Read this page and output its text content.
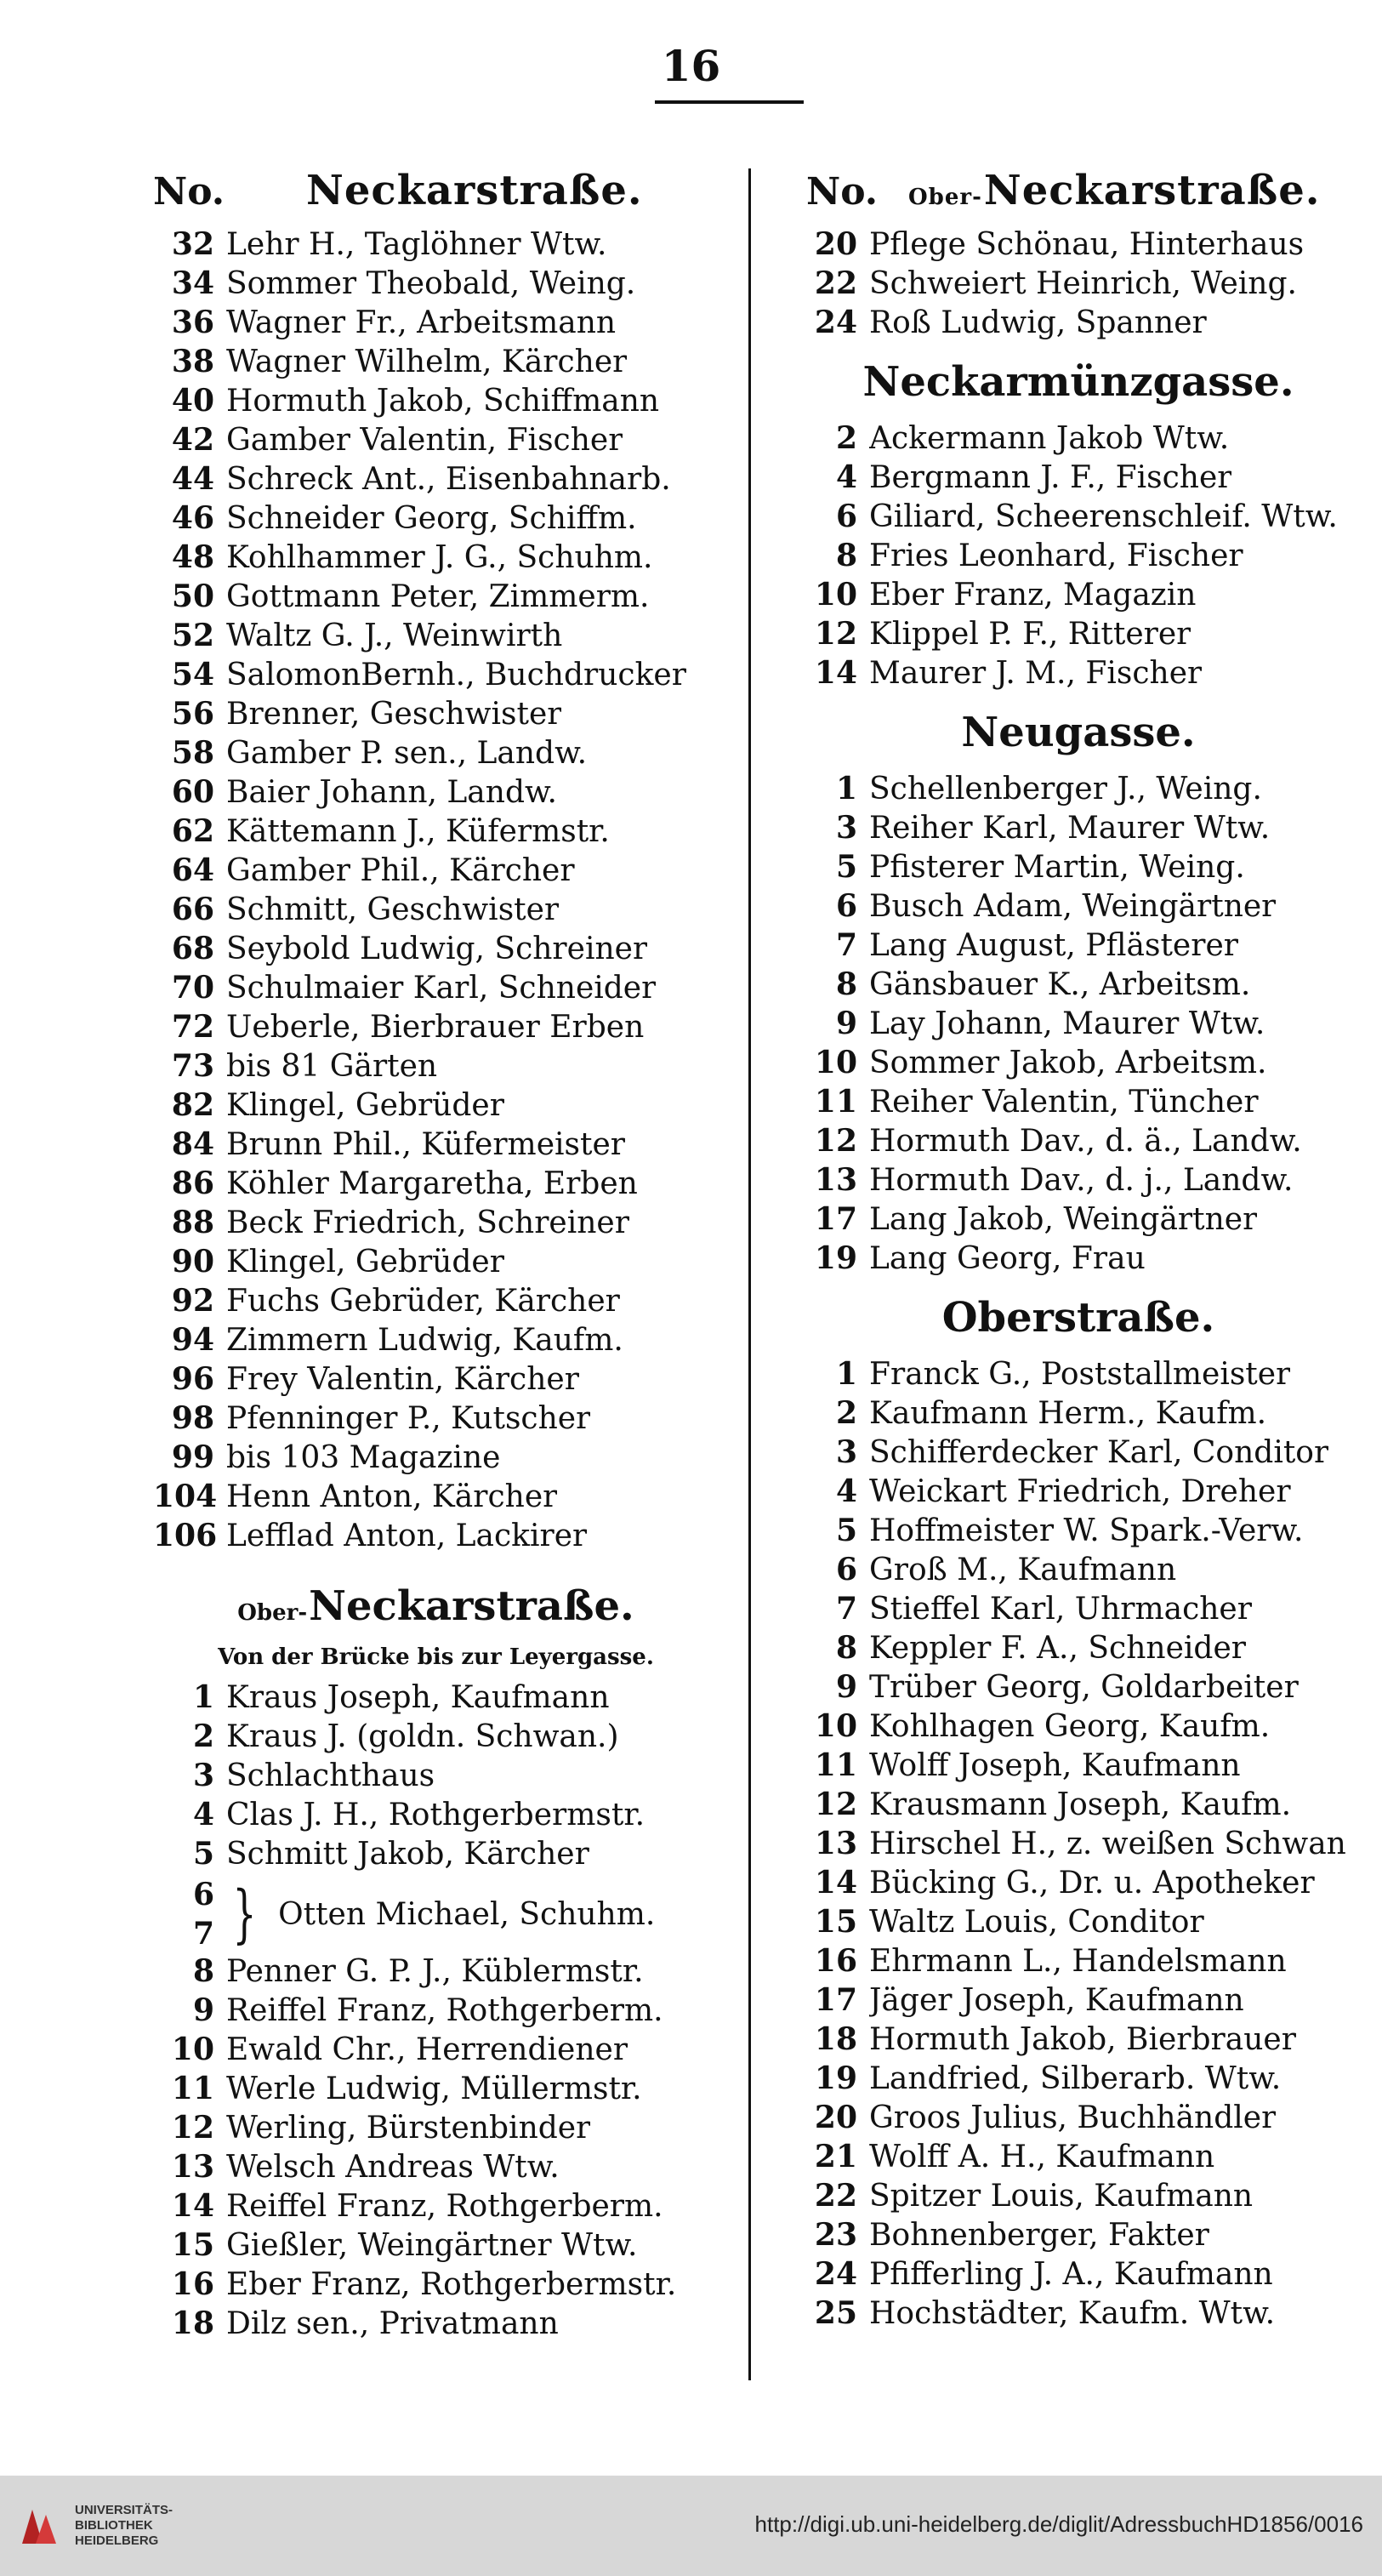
16
No.	Neckarstraße.
32 Lehr H., Taglöhner Wtw.
34 Sommer Theobald, Weing.
36 Wagner Fr., Arbeitsmann
38 Wagner Wilhelm, Kärcher
40 Hormuth Jakob, Schiffmann
42 Gamber Valentin, Fischer
44 Schreck Ant., Eisenbahnarb.
46 Schneider Georg, Schiffm.
48 Kohlhammer J. G., Schuhm.
50 Gottmann Peter, Zimmerm.
52 Waltz G. J., Weinwirth
54 SalomonBernh., Buchdrucker
56 Brenner, Geschwister
58 Gamber P. sen., Landw.
60 Baier Johann, Landw.
62 Kättemann J., Küfermstr.
64 Gamber Phil., Kärcher
66 Schmitt, Geschwister
68 Seybold Ludwig, Schreiner
70 Schulmaier Karl, Schneider
72 Ueberle, Bierbrauer Erben
73 bis 81 Gärten
82 Klingel, Gebrüder
84 Brunn Phil., Küfermeister
86 Köhler Margaretha, Erben
88 Beck Friedrich, Schreiner
90 Klingel, Gebrüder
92 Fuchs Gebrüder, Kärcher
94 Zimmern Ludwig, Kaufm.
96 Frey Valentin, Kärcher
98 Pfenninger P., Kutscher
99 bis 103 Magazine
104 Henn Anton, Kärcher
106 Lefflad Anton, Lackirer
Ober-Neckarstraße.
Von der Brücke bis zur Leyergasse.
1 Kraus Joseph, Kaufmann
2 Kraus J. (goldn. Schwan.)
3 Schlachthaus
4 Clas J. H., Rothgerbermstr.
5 Schmitt Jakob, Kärcher
6
7 } Otten Michael, Schuhm.
8 Penner G. P. J., Küblermstr.
9 Reiffel Franz, Rothgerberm.
10 Ewald Chr., Herrendiener
11 Werle Ludwig, Müllermstr.
12 Werling, Bürstenbinder
13 Welsch Andreas Wtw.
14 Reiffel Franz, Rothgerberm.
15 Gießler, Weingärtner Wtw.
16 Eber Franz, Rothgerbermstr.
18 Dilz sen., Privatmann
No.	Ober-Neckarstraße.
20 Pflege Schönau, Hinterhaus
22 Schweiert Heinrich, Weing.
24 Roß Ludwig, Spanner
Neckarmünzgasse.
2 Ackermann Jakob Wtw.
4 Bergmann J. F., Fischer
6 Giliard, Scheerenschleif. Wtw.
8 Fries Leonhard, Fischer
10 Eber Franz, Magazin
12 Klippel P. F., Ritterer
14 Maurer J. M., Fischer
Neugasse.
1 Schellenberger J., Weing.
3 Reiher Karl, Maurer Wtw.
5 Pfisterer Martin, Weing.
6 Busch Adam, Weingärtner
7 Lang August, Pflästerer
8 Gänsbauer K., Arbeitsm.
9 Lay Johann, Maurer Wtw.
10 Sommer Jakob, Arbeitsm.
11 Reiher Valentin, Tüncher
12 Hormuth Dav., d. ä., Landw.
13 Hormuth Dav., d. j., Landw.
17 Lang Jakob, Weingärtner
19 Lang Georg, Frau
Oberstraße.
1 Franck G., Poststallmeister
2 Kaufmann Herm., Kaufm.
3 Schifferdecker Karl, Conditor
4 Weickart Friedrich, Dreher
5 Hoffmeister W. Spark.-Verw.
6 Groß M., Kaufmann
7 Stieffel Karl, Uhrmacher
8 Keppler F. A., Schneider
9 Trüber Georg, Goldarbeiter
10 Kohlhagen Georg, Kaufm.
11 Wolff Joseph, Kaufmann
12 Krausmann Joseph, Kaufm.
13 Hirschel H., z. weißen Schwan
14 Bücking G., Dr. u. Apotheker
15 Waltz Louis, Conditor
16 Ehrmann L., Handelsmann
17 Jäger Joseph, Kaufmann
18 Hormuth Jakob, Bierbrauer
19 Landfried, Silberarb. Wtw.
20 Groos Julius, Buchhändler
21 Wolff A. H., Kaufmann
22 Spitzer Louis, Kaufmann
23 Bohnenberger, Fakter
24 Pfifferling J. A., Kaufmann
25 Hochstädter, Kaufm. Wtw.
UNIVERSITÄTS-
BIBLIOTHEK
HEIDELBERG
http://digi.ub.uni-heidelberg.de/diglit/AdressbuchHD1856/0016
